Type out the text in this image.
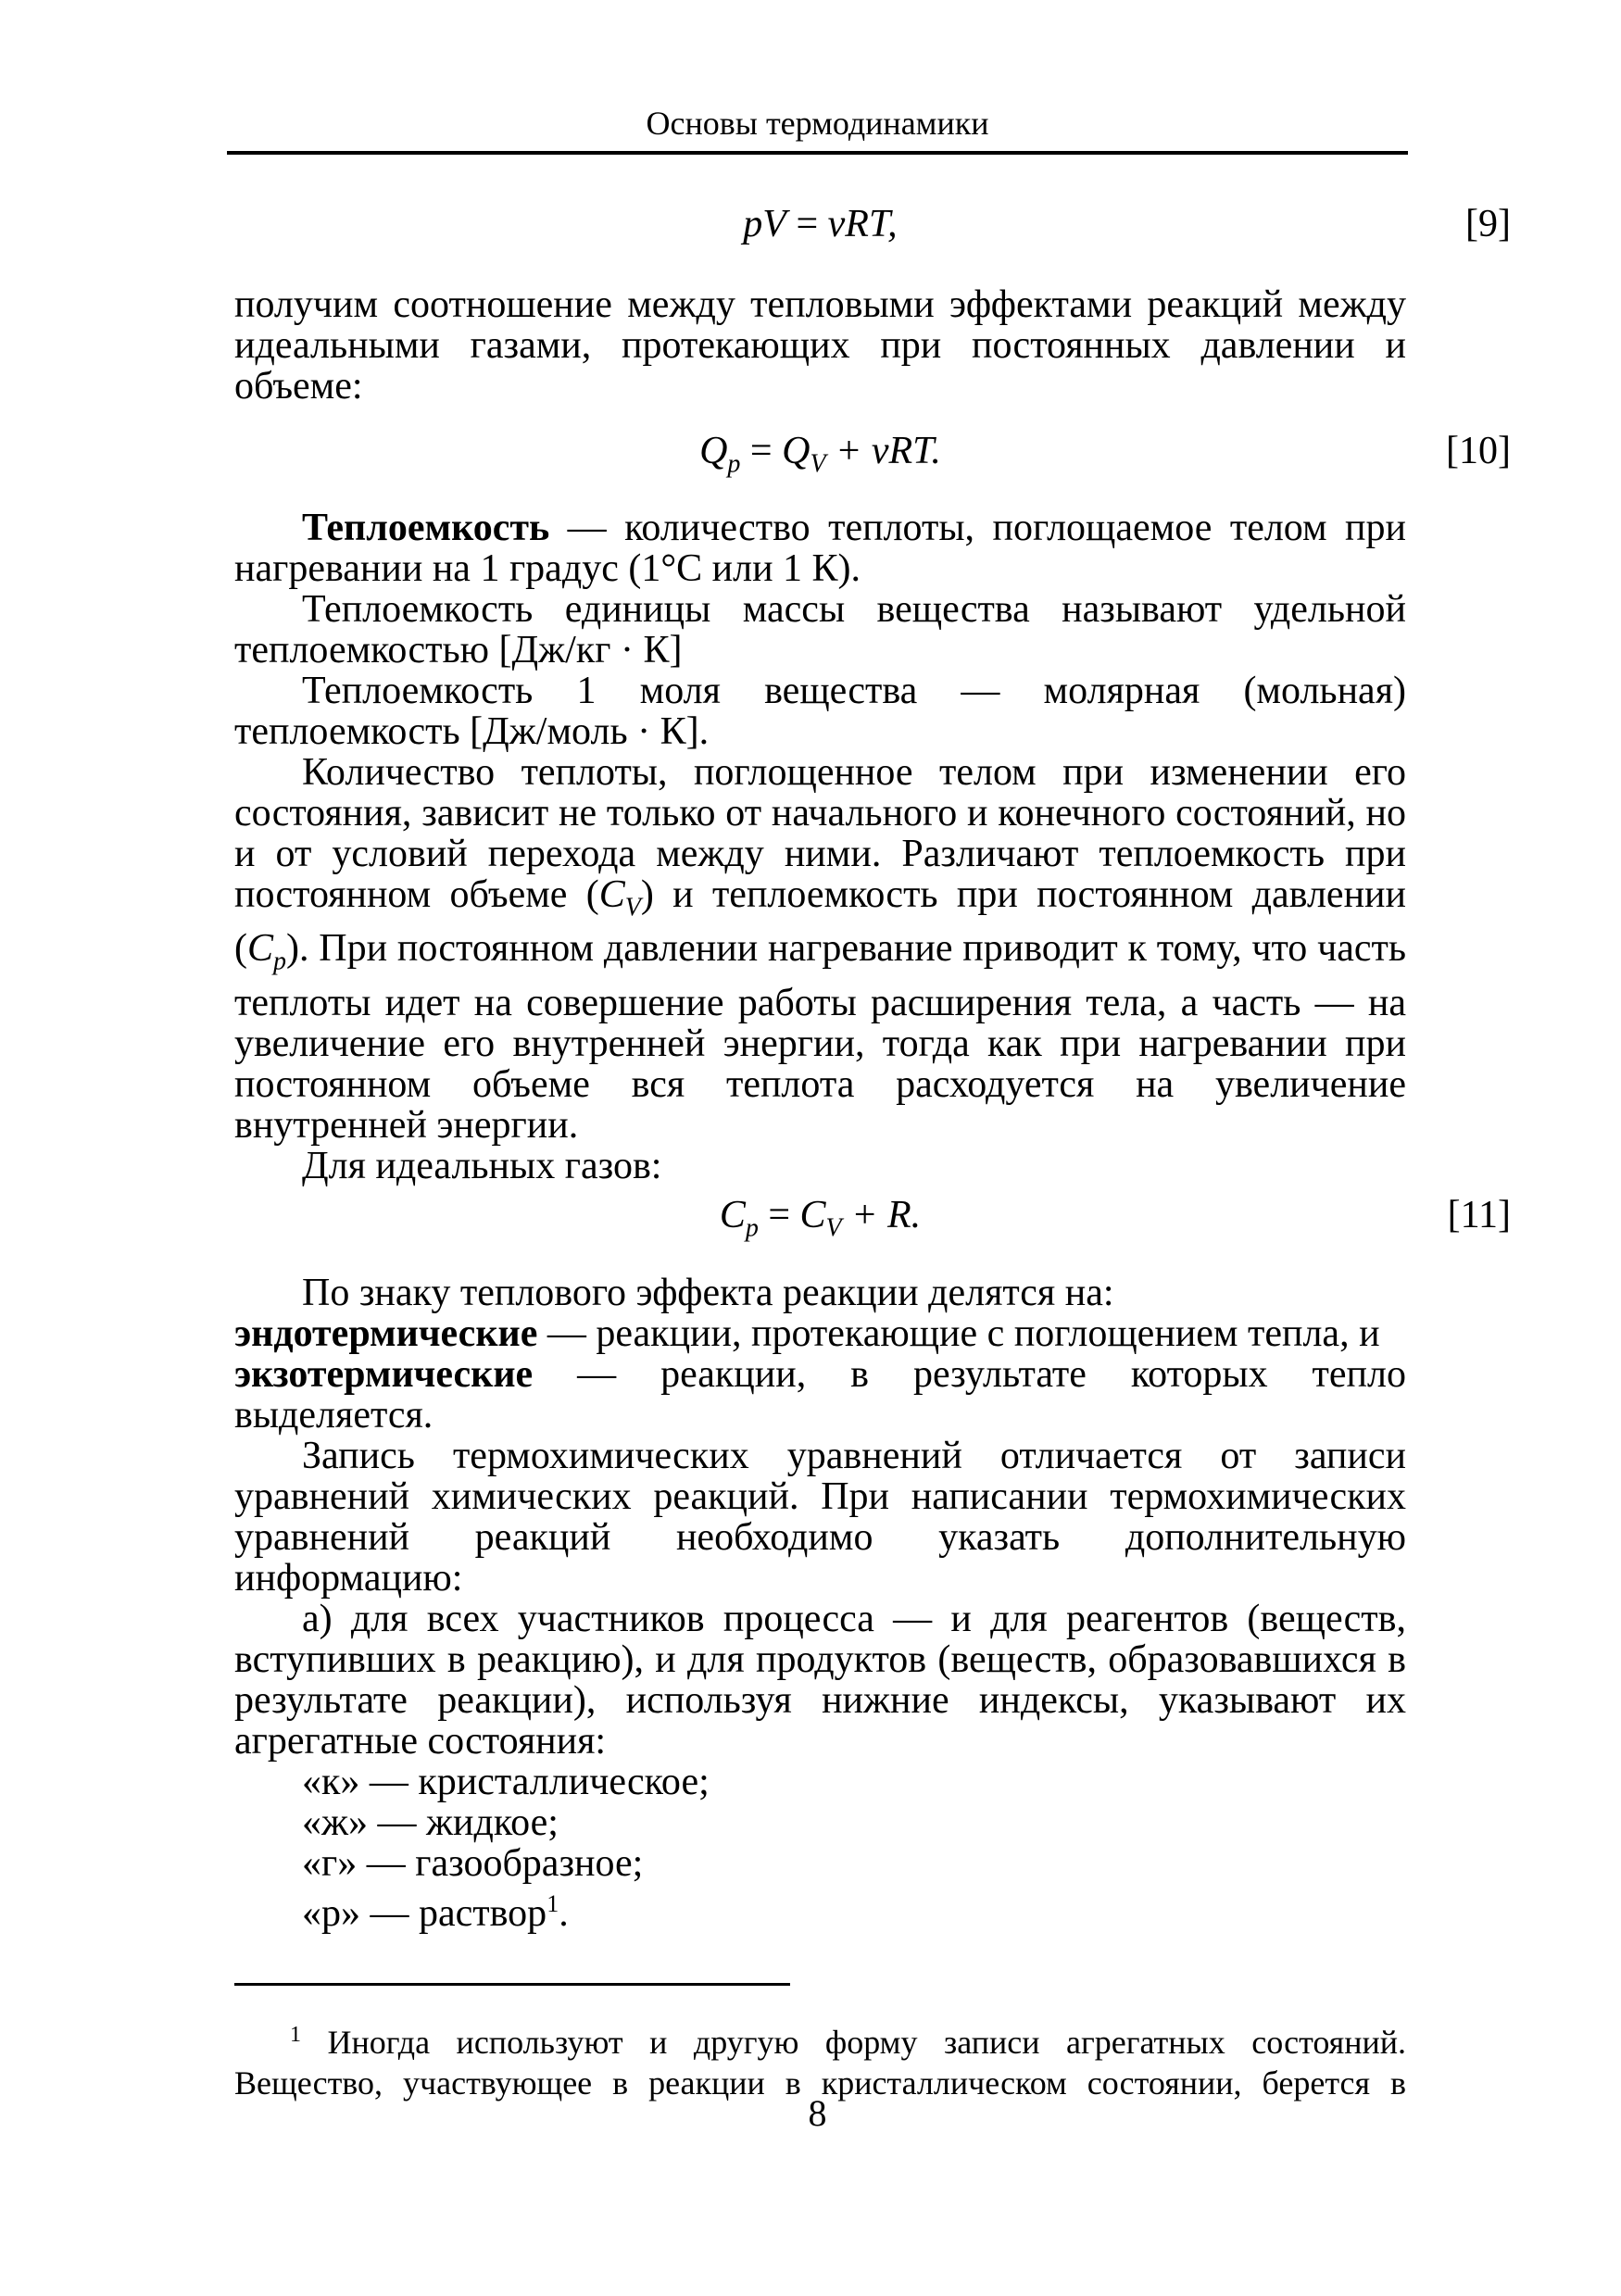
Основы термодинамики
pV = νRT,	[9]

получим соотношение между тепловыми эффектами реакций между идеальными газами, протекающих при постоянных давлении и объеме:

$Q_p = Q_V + \nu RT$.	[10]

Теплоемкость — количество теплоты, поглощаемое телом при нагревании на 1 градус (1°С или 1 К).

Теплоемкость единицы массы вещества называют удельной теплоемкостью [Дж/кг · К]

Теплоемкость 1 моля вещества — молярная (мольная) теплоемкость [Дж/моль · К].

Количество теплоты, поглощенное телом при изменении его состояния, зависит не только от начального и конечного состояний, но и от условий перехода между ними. Различают теплоемкость при постоянном объеме $(C_V)$ и теплоемкость при постоянном давлении $(C_p)$. При постоянном давлении нагревание приводит к тому, что часть теплоты идет на совершение работы расширения тела, а часть — на увеличение его внутренней энергии, тогда как при нагревании при постоянном объеме вся теплота расходуется на увеличение внутренней энергии.

Для идеальных газов:

$C_p = C_V + R$.	[11]

По знаку теплового эффекта реакции делятся на:

эндотермические — реакции, протекающие с поглощением тепла, и

экзотермические — реакции, в результате которых тепло выделяется.

Запись термохимических уравнений отличается от записи уравнений химических реакций. При написании термохимических уравнений реакций необходимо указать дополнительную информацию:

а) для всех участников процесса — и для реагентов (веществ, вступивших в реакцию), и для продуктов (веществ, образовавшихся в результате реакции), используя нижние индексы, указывают их агрегатные состояния:

«к» — кристаллическое;
«ж» — жидкое;
«г» — газообразное;
«р» — раствор$^1$.

$^1$ Иногда используют и другую форму записи агрегатных состояний.

Вещество, участвующее в реакции в кристаллическом состоянии, берется в

8
